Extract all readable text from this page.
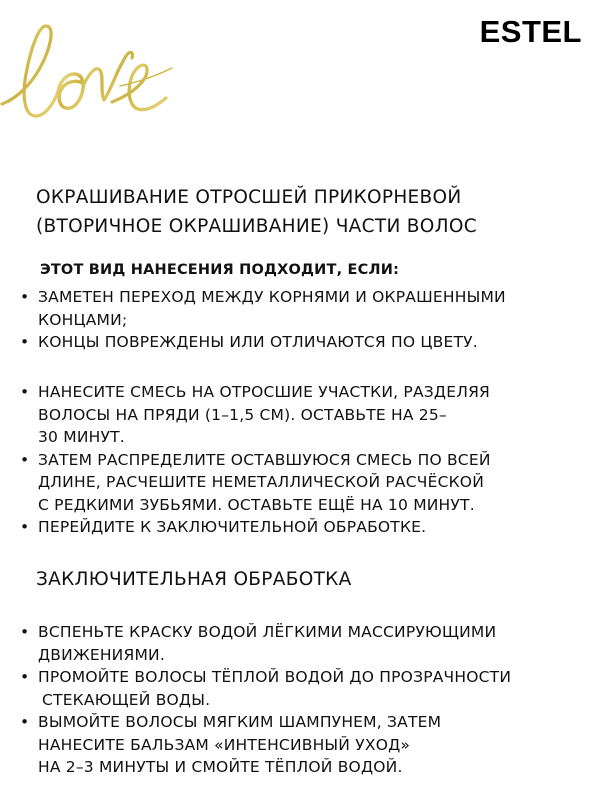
ESTEL
ОКРАШИВАНИЕ ОТРОСШЕЙ ПРИКОРНЕВОЙ
(ВТОРИЧНОЕ ОКРАШИВАНИЕ) ЧАСТИ ВОЛОС

ЭТОТ ВИД НАНЕСЕНИЯ ПОДХОДИТ, ЕСЛИ:

• ЗАМЕТЕН ПЕРЕХОД МЕЖДУ КОРНЯМИ И ОКРАШЕННЫМИ
КОНЦАМИ;
• КОНЦЫ ПОВРЕЖДЕНЫ ИЛИ ОТЛИЧАЮТСЯ ПО ЦВЕТУ.
• НАНЕСИТЕ СМЕСЬ НА ОТРОСШИЕ УЧАСТКИ, РАЗДЕЛЯЯ
ВОЛОСЫ НА ПРЯДИ (1–1,5 СМ). ОСТАВЬТЕ НА 25–
30 МИНУТ.
• ЗАТЕМ РАСПРЕДЕЛИТЕ ОСТАВШУЮСЯ СМЕСЬ ПО ВСЕЙ
ДЛИНЕ, РАСЧЕШИТЕ НЕМЕТАЛЛИЧЕСКОЙ РАСЧЁСКОЙ
С РЕДКИМИ ЗУБЬЯМИ. ОСТАВЬТЕ ЕЩЁ НА 10 МИНУТ.
• ПЕРЕЙДИТЕ К ЗАКЛЮЧИТЕЛЬНОЙ ОБРАБОТКЕ.
ЗАКЛЮЧИТЕЛЬНАЯ ОБРАБОТКА
• ВСПЕНЬТЕ КРАСКУ ВОДОЙ ЛЁГКИМИ МАССИРУЮЩИМИ
ДВИЖЕНИЯМИ.
• ПРОМОЙТЕ ВОЛОСЫ ТЁПЛОЙ ВОДОЙ ДО ПРОЗРАЧНОСТИ
СТЕКАЮЩЕЙ ВОДЫ.
• ВЫМОЙТЕ ВОЛОСЫ МЯГКИМ ШАМПУНЕМ, ЗАТЕМ
НАНЕСИТЕ БАЛЬЗАМ «ИНТЕНСИВНЫЙ УХОД»
НА 2–3 МИНУТЫ И СМОЙТЕ ТЁПЛОЙ ВОДОЙ.
